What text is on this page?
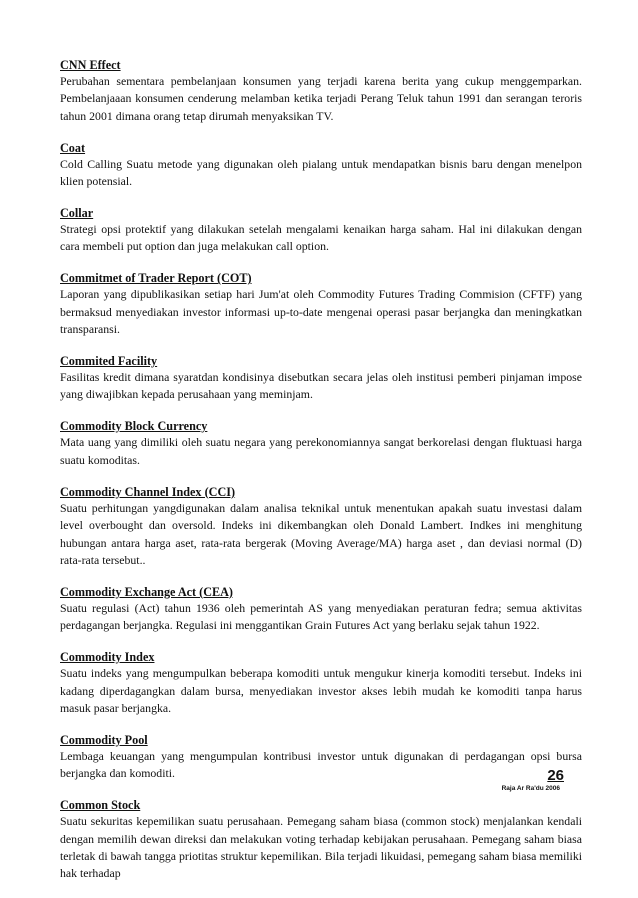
CNN Effect

Perubahan sementara pembelanjaan konsumen yang terjadi karena berita yang cukup menggemparkan. Pembelanjaaan konsumen cenderung melamban ketika terjadi Perang Teluk tahun 1991 dan serangan teroris tahun 2001 dimana orang tetap dirumah menyaksikan TV.

Coat

Cold Calling Suatu metode yang digunakan oleh pialang untuk mendapatkan bisnis baru dengan menelpon klien potensial.

Collar

Strategi opsi protektif yang dilakukan setelah mengalami kenaikan harga saham. Hal ini dilakukan dengan cara membeli put option dan juga melakukan call option.

Commitmet of Trader Report (COT)

Laporan yang dipublikasikan setiap hari Jum'at oleh Commodity Futures Trading Commision (CFTF) yang bermaksud menyediakan investor informasi up-to-date mengenai operasi pasar berjangka dan meningkatkan transparansi.

Commited Facility

Fasilitas kredit dimana syaratdan kondisinya disebutkan secara jelas oleh institusi pemberi pinjaman impose yang diwajibkan kepada perusahaan yang meminjam.

Commodity Block Currency

Mata uang yang dimiliki oleh suatu negara yang perekonomiannya sangat berkorelasi dengan fluktuasi harga suatu komoditas.

Commodity Channel Index (CCI)

Suatu perhitungan yangdigunakan dalam analisa teknikal untuk menentukan apakah suatu investasi dalam level overbought dan oversold. Indeks ini dikembangkan oleh Donald Lambert. Indkes ini menghitung hubungan antara harga aset, rata-rata bergerak (Moving Average/MA) harga aset , dan deviasi normal (D) rata-rata tersebut..

Commodity Exchange Act (CEA)

Suatu regulasi (Act) tahun 1936 oleh pemerintah AS yang menyediakan peraturan fedra; semua aktivitas perdagangan berjangka. Regulasi ini menggantikan Grain Futures Act yang berlaku sejak tahun 1922.

Commodity Index

Suatu indeks yang mengumpulkan beberapa komoditi untuk mengukur kinerja komoditi tersebut. Indeks ini kadang diperdagangkan dalam bursa, menyediakan investor akses lebih mudah ke komoditi tanpa harus masuk pasar berjangka.

Commodity Pool

Lembaga keuangan yang mengumpulan kontribusi investor untuk digunakan di perdagangan opsi bursa berjangka dan komoditi.

Common Stock

Suatu sekuritas kepemilikan suatu perusahaan. Pemegang saham biasa (common stock) menjalankan kendali dengan memilih dewan direksi dan melakukan voting terhadap kebijakan perusahaan. Pemegang saham biasa terletak di bawah tangga priotitas struktur kepemilikan. Bila terjadi likuidasi, pemegang saham biasa memiliki hak terhadap

26
Raja Ar Ra'du 2006
